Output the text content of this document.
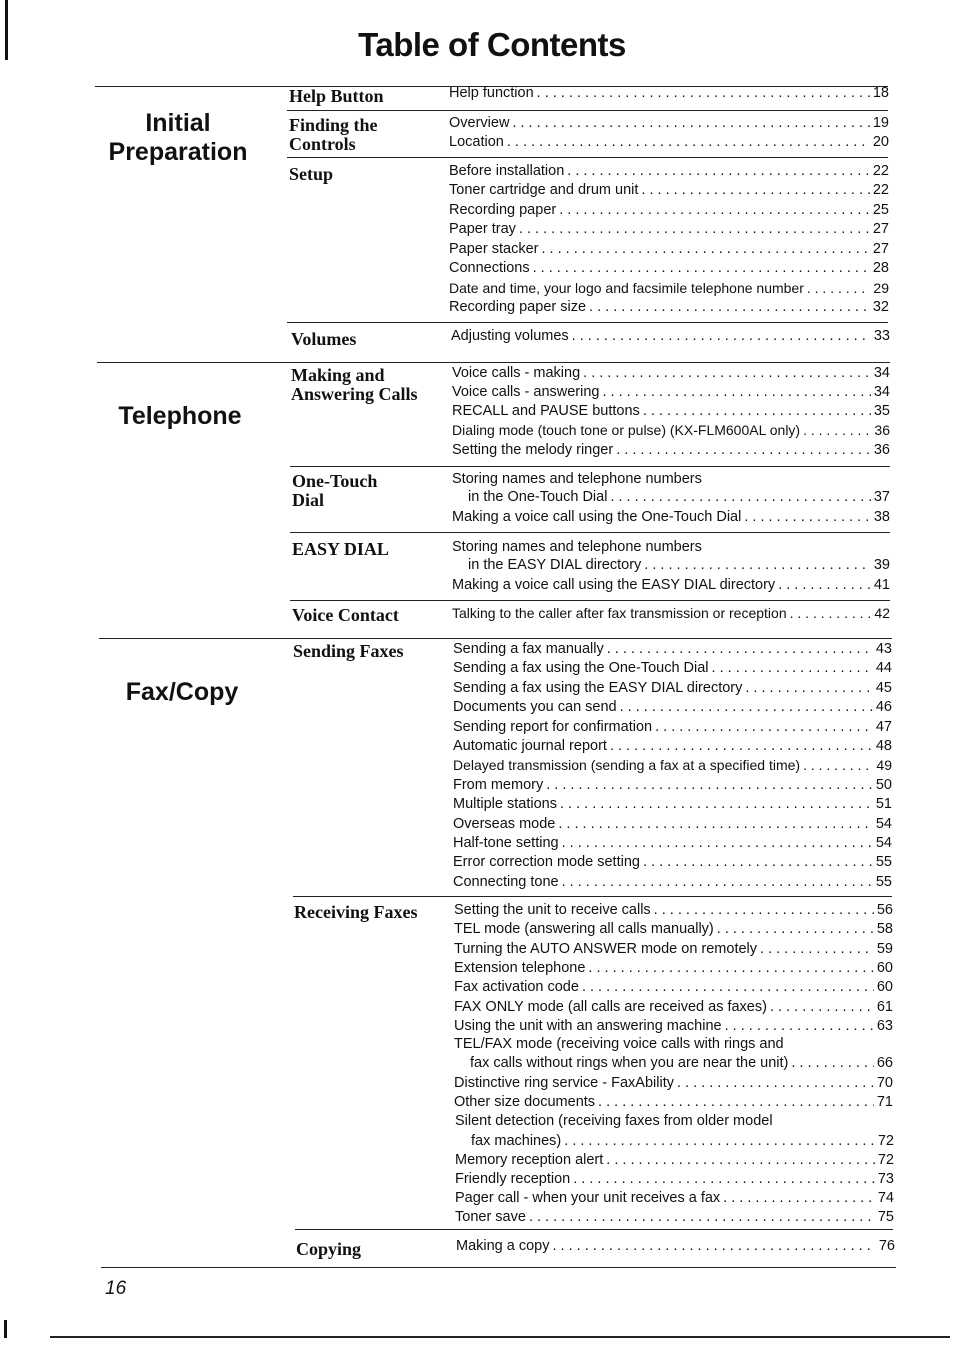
Table of Contents
Initial Preparation
Help Button	Help function . . .	18
Finding the Controls
Overview . . .	19
Location . . .	20
Setup	Before installation . . .	22
Toner cartridge and drum unit . . .	22
Recording paper . . .	25
Paper tray . . .	27
Paper stacker . . .	27
Connections . . .	28
Date and time, your logo and facsimile telephone number . . .	29
Recording paper size . . .	32
Volumes	Adjusting volumes . . .	33
Telephone
Making and Answering Calls
Voice calls - making . . .	34
Voice calls - answering . . .	34
RECALL and PAUSE buttons . . .	35
Dialing mode (touch tone or pulse) (KX-FLM600AL only) . . .	36
Setting the melody ringer . . .	36
One-Touch Dial
Storing names and telephone numbers
in the One-Touch Dial . . .	37
Making a voice call using the One-Touch Dial . . .	38
EASY DIAL	Storing names and telephone numbers
in the EASY DIAL directory . . .	39
Making a voice call using the EASY DIAL directory . . .	41
Voice Contact	Talking to the caller after fax transmission or reception . . .	42
Fax/Copy
Sending Faxes	Sending a fax manually . . .	43
Sending a fax using the One-Touch Dial . . .	44
Sending a fax using the EASY DIAL directory . . .	45
Documents you can send . . .	46
Sending report for confirmation . . .	47
Automatic journal report . . .	48
Delayed transmission (sending a fax at a specified time) . . .	49
From memory . . .	50
Multiple stations . . .	51
Overseas mode . . .	54
Half-tone setting . . .	54
Error correction mode setting . . .	55
Connecting tone . . .	55
Receiving Faxes	Setting the unit to receive calls . . .	56
TEL mode (answering all calls manually) . . .	58
Turning the AUTO ANSWER mode on remotely . . .	59
Extension telephone . . .	60
Fax activation code . . .	60
FAX ONLY mode (all calls are received as faxes) . . .	61
Using the unit with an answering machine . . .	63
TEL/FAX mode (receiving voice calls with rings and
fax calls without rings when you are near the unit) . . .	66
Distinctive ring service - FaxAbility . . .	70
Other size documents . . .	71
Silent detection (receiving faxes from older model
fax machines) . . .	72
Memory reception alert . . .	72
Friendly reception . . .	73
Pager call - when your unit receives a fax . . .	74
Toner save . . .	75
Copying	Making a copy . . .	76
16
